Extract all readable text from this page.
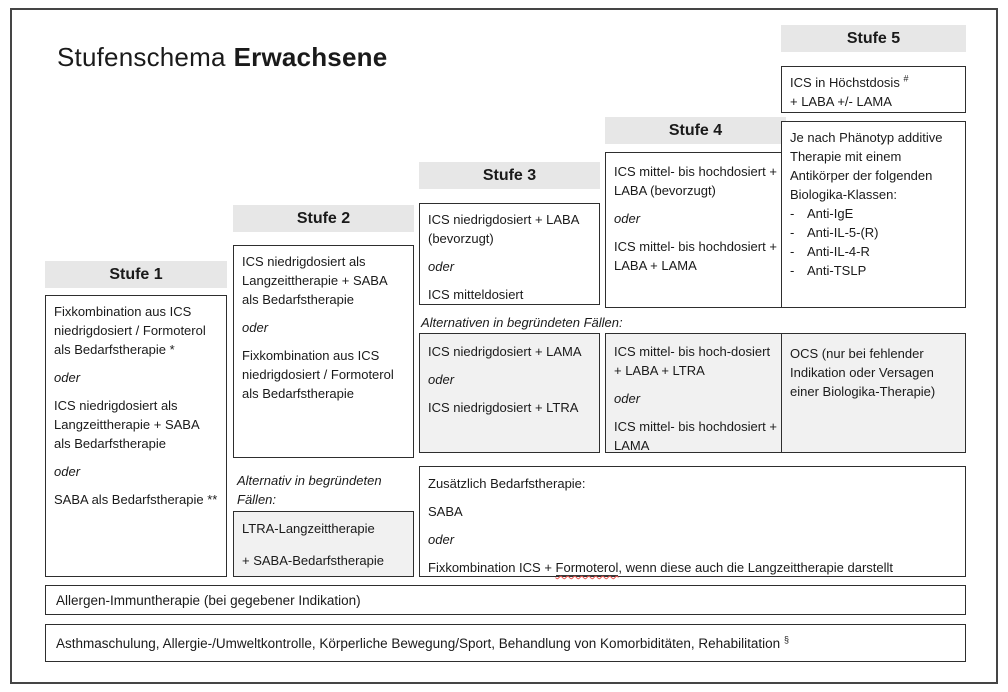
Stufenschema Erwachsene
Stufe 1
Stufe 2
Stufe 3
Stufe 4
Stufe 5

Fixkombination aus ICS niedrigdosiert / Formoterol als Bedarfstherapie *

oder

ICS niedrigdosiert als Langzeittherapie + SABA als Bedarfstherapie

oder

SABA als Bedarfstherapie **

ICS niedrigdosiert als Langzeittherapie + SABA als Bedarfstherapie

oder

Fixkombination aus ICS niedrigdosiert / Formoterol als Bedarfstherapie

ICS niedrigdosiert + LABA (bevorzugt)

oder

ICS mitteldosiert

ICS mittel- bis hochdosiert + LABA (bevorzugt)

oder

ICS mittel- bis hochdosiert + LABA + LAMA

ICS in Höchstdosis #
+ LABA +/- LAMA

Je nach Phänotyp additive Therapie mit einem Antikörper der folgenden Biologika-Klassen:

- Anti-IgE
- Anti-IL-5-(R)
- Anti-IL-4-R
- Anti-TSLP
Alternativen in begründeten Fällen:

ICS niedrigdosiert + LAMA

oder

ICS niedrigdosiert + LTRA

ICS mittel- bis hoch-dosiert + LABA + LTRA

oder

ICS mittel- bis hochdosiert + LAMA

OCS (nur bei fehlender Indikation oder Versagen einer Biologika-Therapie)

Alternativ in begründeten Fällen:

LTRA-Langzeittherapie

+ SABA-Bedarfstherapie

Zusätzlich Bedarfstherapie:

SABA

oder

Fixkombination ICS + Formoterol, wenn diese auch die Langzeittherapie darstellt

Allergen-Immuntherapie (bei gegebener Indikation)
Asthmaschulung, Allergie-/Umweltkontrolle, Körperliche Bewegung/Sport, Behandlung von Komorbiditäten, Rehabilitation §
